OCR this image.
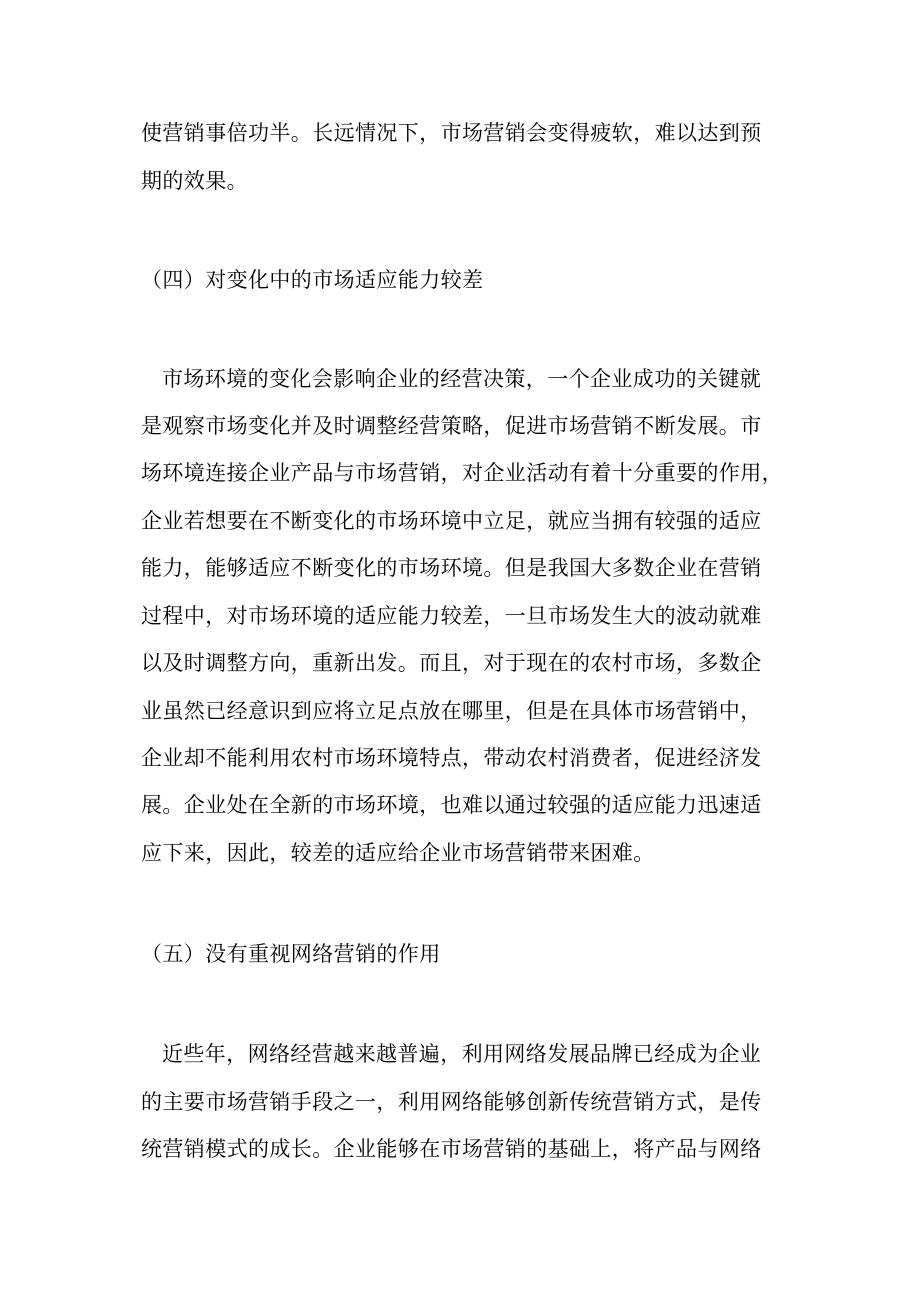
使营销事倍功半。长远情况下，市场营销会变得疲软，难以达到预
期的效果。
（四）对变化中的市场适应能力较差
市场环境的变化会影响企业的经营决策，一个企业成功的关键就
是观察市场变化并及时调整经营策略，促进市场营销不断发展。市
场环境连接企业产品与市场营销，对企业活动有着十分重要的作用，
企业若想要在不断变化的市场环境中立足，就应当拥有较强的适应
能力，能够适应不断变化的市场环境。但是我国大多数企业在营销
过程中，对市场环境的适应能力较差，一旦市场发生大的波动就难
以及时调整方向，重新出发。而且，对于现在的农村市场，多数企
业虽然已经意识到应将立足点放在哪里，但是在具体市场营销中，
企业却不能利用农村市场环境特点，带动农村消费者，促进经济发
展。企业处在全新的市场环境，也难以通过较强的适应能力迅速适
应下来，因此，较差的适应给企业市场营销带来困难。
（五）没有重视网络营销的作用
近些年，网络经营越来越普遍，利用网络发展品牌已经成为企业
的主要市场营销手段之一，利用网络能够创新传统营销方式，是传
统营销模式的成长。企业能够在市场营销的基础上，将产品与网络
